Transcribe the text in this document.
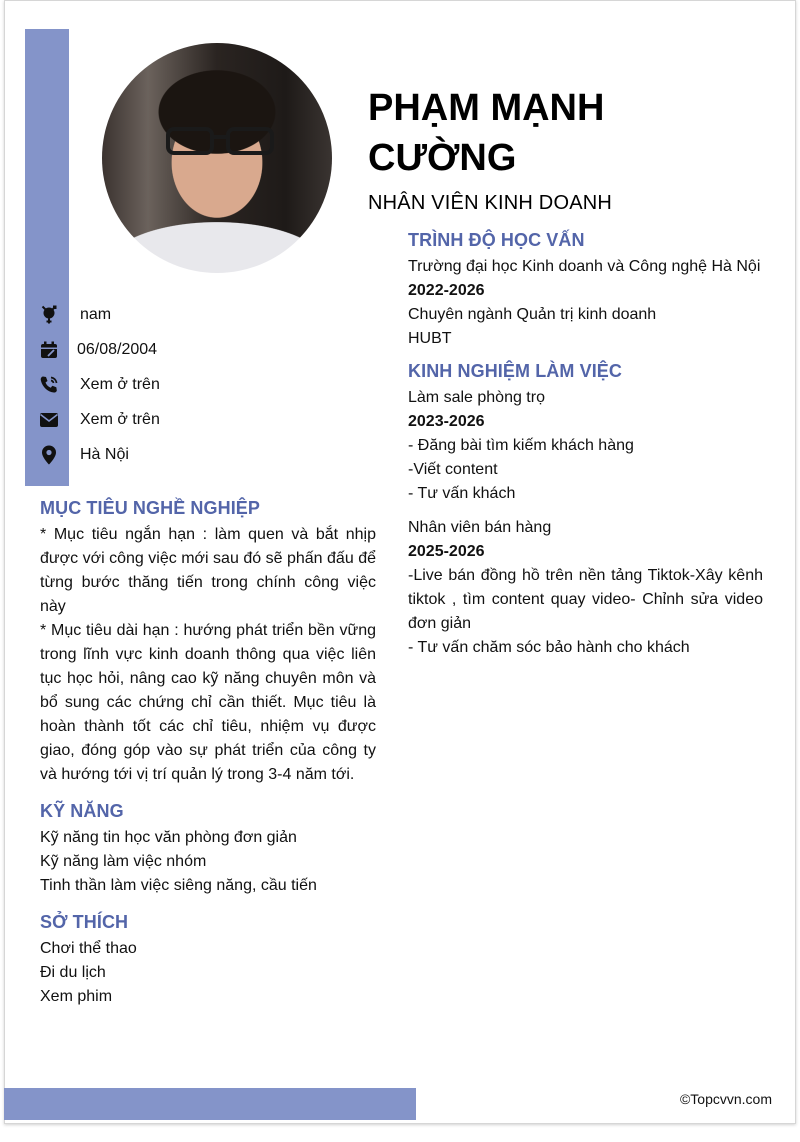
PHẠM MẠNH CƯỜNG
NHÂN VIÊN KINH DOANH
nam
06/08/2004
Xem ở trên
Xem ở trên
Hà Nội
MỤC TIÊU NGHỀ NGHIỆP
* Mục tiêu ngắn hạn : làm quen và bắt nhịp được với công việc mới sau đó sẽ phấn đấu để từng bước thăng tiến trong chính công việc này
* Mục tiêu dài hạn : hướng phát triển bền vững trong lĩnh vực kinh doanh thông qua việc liên tục học hỏi, nâng cao kỹ năng chuyên môn và bổ sung các chứng chỉ cần thiết. Mục tiêu là hoàn thành tốt các chỉ tiêu, nhiệm vụ được giao, đóng góp vào sự phát triển của công ty và hướng tới vị trí quản lý trong 3-4 năm tới.
KỸ NĂNG
Kỹ năng tin học văn phòng đơn giản
Kỹ năng làm việc nhóm
Tinh thần làm việc siêng năng, cầu tiến
SỞ THÍCH
Chơi thể thao
Đi du lịch
Xem phim
TRÌNH ĐỘ HỌC VẤN
Trường đại học Kinh doanh và Công nghệ Hà Nội
2022-2026
Chuyên ngành Quản trị kinh doanh
HUBT
KINH NGHIỆM LÀM VIỆC
Làm sale phòng trọ
2023-2026
- Đăng bài tìm kiếm khách hàng
-Viết content
- Tư vấn khách
Nhân viên bán hàng
2025-2026
-Live bán đồng hồ trên nền tảng Tiktok-Xây kênh tiktok , tìm content quay video- Chỉnh sửa video đơn giản
- Tư vấn chăm sóc bảo hành cho khách
©Topcvvn.com
